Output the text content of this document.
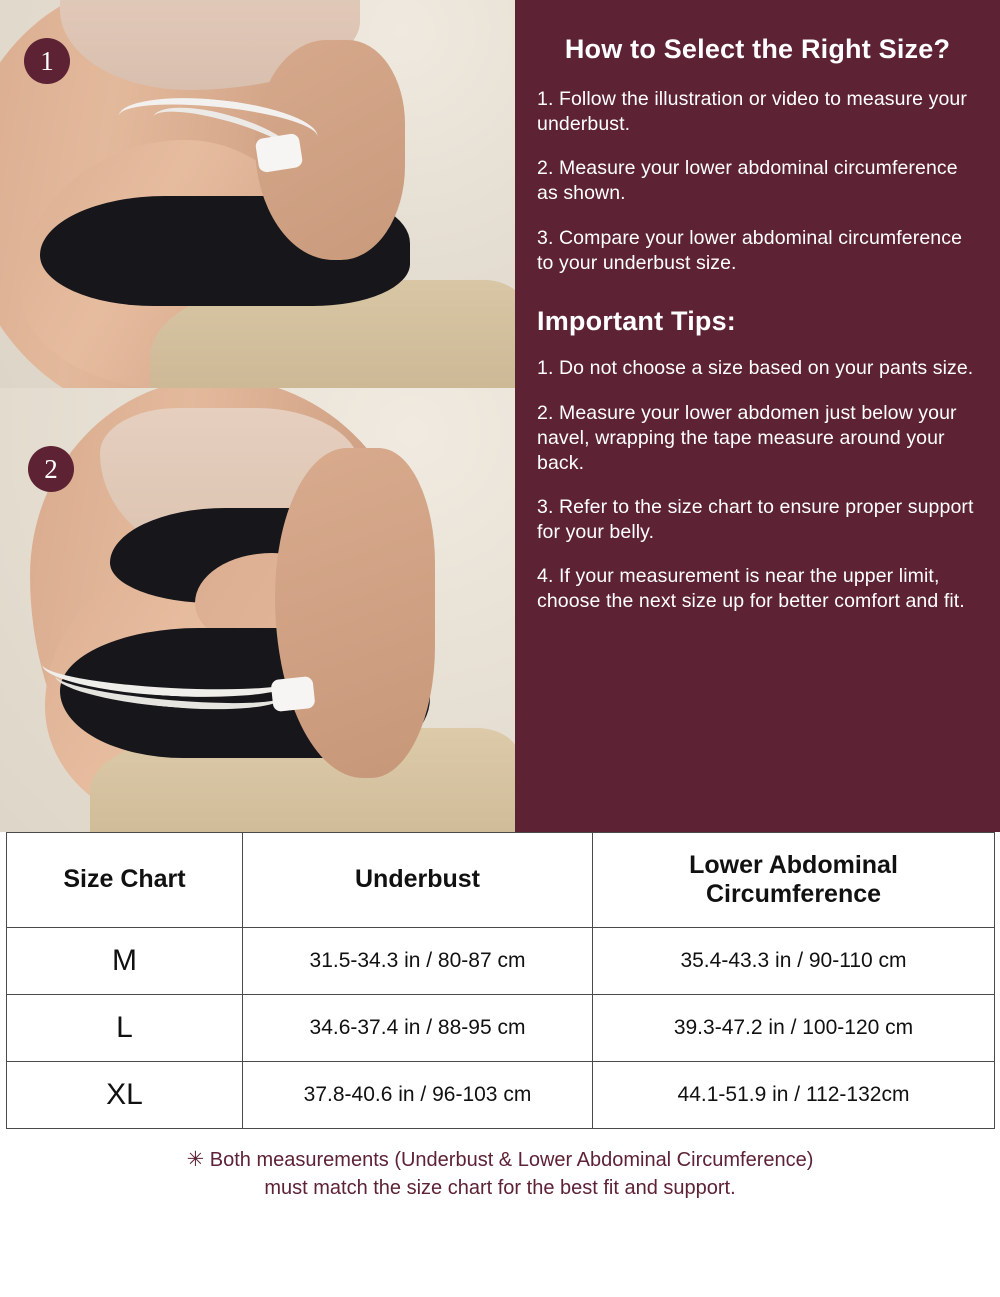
1
2
How to Select the Right Size?

1. Follow the illustration or video to measure your underbust.

2. Measure your lower abdominal circumference as shown.

3. Compare your lower abdominal circumference to your underbust size.

Important Tips:

1. Do not choose a size based on your pants size.

2. Measure your lower abdomen just below your navel, wrapping the tape measure around your back.

3. Refer to the size chart to ensure proper support for your belly.

4. If your measurement is near the upper limit, choose the next size up for better comfort and fit.

Size Chart	Underbust	Lower Abdominal Circumference
M	31.5-34.3 in / 80-87 cm	35.4-43.3 in / 90-110 cm
L	34.6-37.4 in / 88-95 cm	39.3-47.2 in / 100-120 cm
XL	37.8-40.6 in / 96-103 cm	44.1-51.9 in / 112-132cm
✳ Both measurements (Underbust & Lower Abdominal Circumference)
must match the size chart for the best fit and support.
